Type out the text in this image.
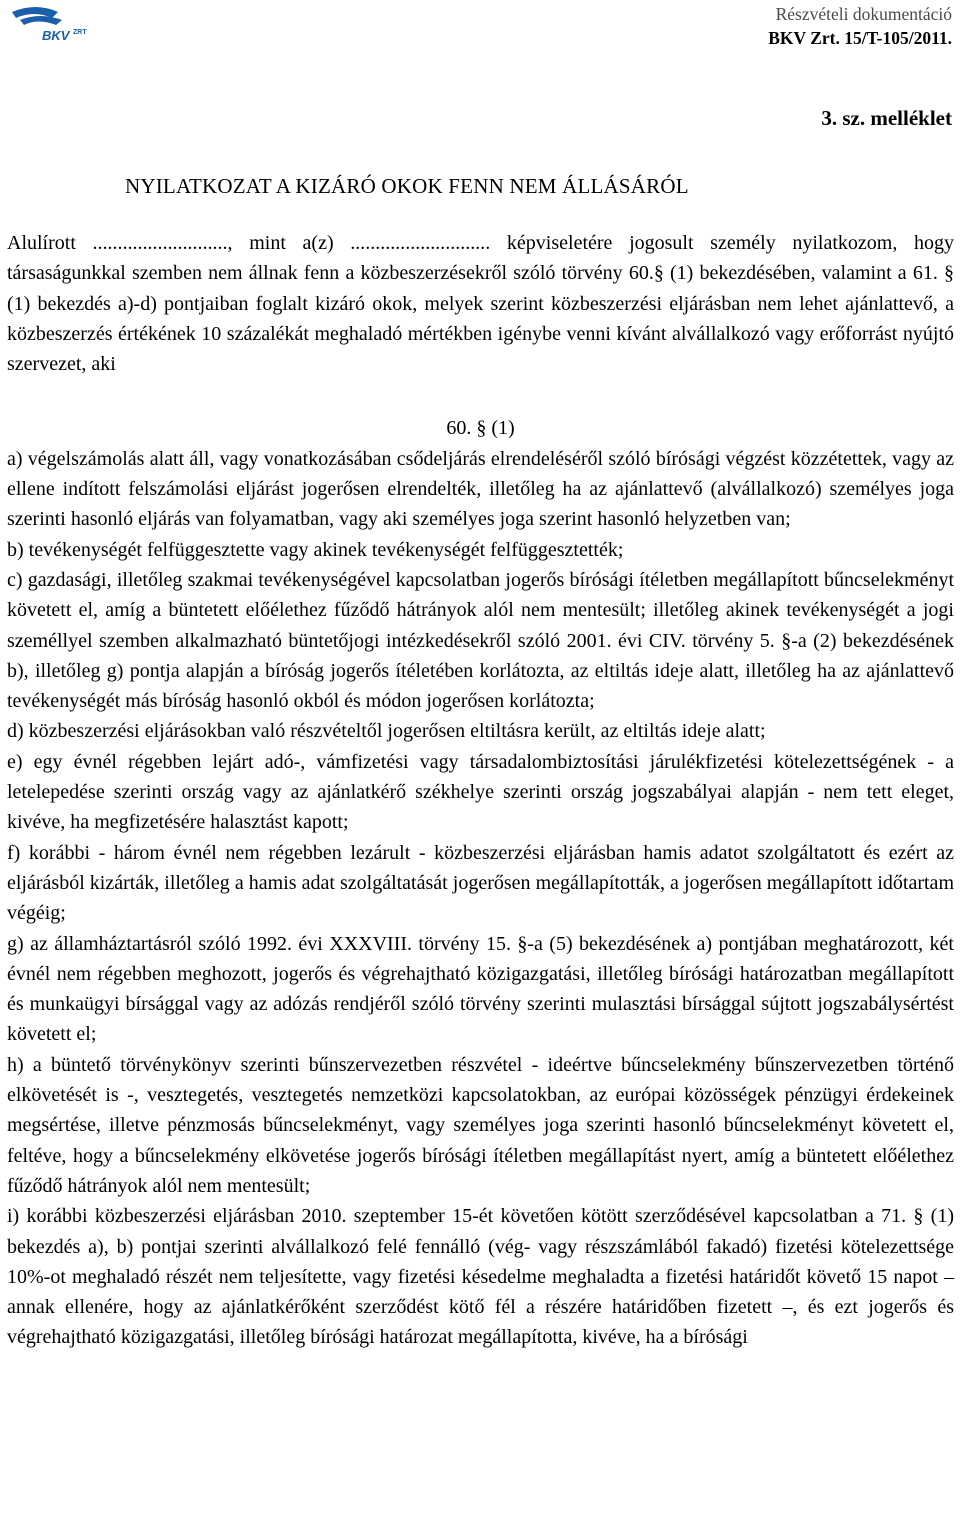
BKV ZRT
Részvételi dokumentáció
BKV Zrt. 15/T-105/2011.
3. sz. melléklet
NYILATKOZAT A KIZÁRÓ OKOK FENN NEM ÁLLÁSÁRÓL

Alulírott ..........................., mint a(z) ............................ képviseletére jogosult személy nyilatkozom, hogy társaságunkkal szemben nem állnak fenn a közbeszerzésekről szóló törvény 60.§ (1) bekezdésében, valamint a 61. § (1) bekezdés a)-d) pontjaiban foglalt kizáró okok, melyek szerint közbeszerzési eljárásban nem lehet ajánlattevő, a közbeszerzés értékének 10 százalékát meghaladó mértékben igénybe venni kívánt alvállalkozó vagy erőforrást nyújtó szervezet, aki

60. § (1)

a) végelszámolás alatt áll, vagy vonatkozásában csődeljárás elrendeléséről szóló bírósági végzést közzétettek, vagy az ellene indított felszámolási eljárást jogerősen elrendelték, illetőleg ha az ajánlattevő (alvállalkozó) személyes joga szerinti hasonló eljárás van folyamatban, vagy aki személyes joga szerint hasonló helyzetben van;

b) tevékenységét felfüggesztette vagy akinek tevékenységét felfüggesztették;

c) gazdasági, illetőleg szakmai tevékenységével kapcsolatban jogerős bírósági ítéletben megállapított bűncselekményt követett el, amíg a büntetett előélethez fűződő hátrányok alól nem mentesült; illetőleg akinek tevékenységét a jogi személlyel szemben alkalmazható büntetőjogi intézkedésekről szóló 2001. évi CIV. törvény 5. §-a (2) bekezdésének b), illetőleg g) pontja alapján a bíróság jogerős ítéletében korlátozta, az eltiltás ideje alatt, illetőleg ha az ajánlattevő tevékenységét más bíróság hasonló okból és módon jogerősen korlátozta;

d) közbeszerzési eljárásokban való részvételtől jogerősen eltiltásra került, az eltiltás ideje alatt;

e) egy évnél régebben lejárt adó-, vámfizetési vagy társadalombiztosítási járulékfizetési kötelezettségének - a letelepedése szerinti ország vagy az ajánlatkérő székhelye szerinti ország jogszabályai alapján - nem tett eleget, kivéve, ha megfizetésére halasztást kapott;

f) korábbi - három évnél nem régebben lezárult - közbeszerzési eljárásban hamis adatot szolgáltatott és ezért az eljárásból kizárták, illetőleg a hamis adat szolgáltatását jogerősen megállapították, a jogerősen megállapított időtartam végéig;

g) az államháztartásról szóló 1992. évi XXXVIII. törvény 15. §-a (5) bekezdésének a) pontjában meghatározott, két évnél nem régebben meghozott, jogerős és végrehajtható közigazgatási, illetőleg bírósági határozatban megállapított és munkaügyi bírsággal vagy az adózás rendjéről szóló törvény szerinti mulasztási bírsággal sújtott jogszabálysértést követett el;

h) a büntető törvénykönyv szerinti bűnszervezetben részvétel - ideértve bűncselekmény bűnszervezetben történő elkövetését is -, vesztegetés, vesztegetés nemzetközi kapcsolatokban, az európai közösségek pénzügyi érdekeinek megsértése, illetve pénzmosás bűncselekményt, vagy személyes joga szerinti hasonló bűncselekményt követett el, feltéve, hogy a bűncselekmény elkövetése jogerős bírósági ítéletben megállapítást nyert, amíg a büntetett előélethez fűződő hátrányok alól nem mentesült;

i) korábbi közbeszerzési eljárásban 2010. szeptember 15-ét követően kötött szerződésével kapcsolatban a 71. § (1) bekezdés a), b) pontjai szerinti alvállalkozó felé fennálló (vég- vagy részszámlából fakadó) fizetési kötelezettsége 10%-ot meghaladó részét nem teljesítette, vagy fizetési késedelme meghaladta a fizetési határidőt követő 15 napot – annak ellenére, hogy az ajánlatkérőként szerződést kötő fél a részére határidőben fizetett –, és ezt jogerős és végrehajtható közigazgatási, illetőleg bírósági határozat megállapította, kivéve, ha a bírósági
